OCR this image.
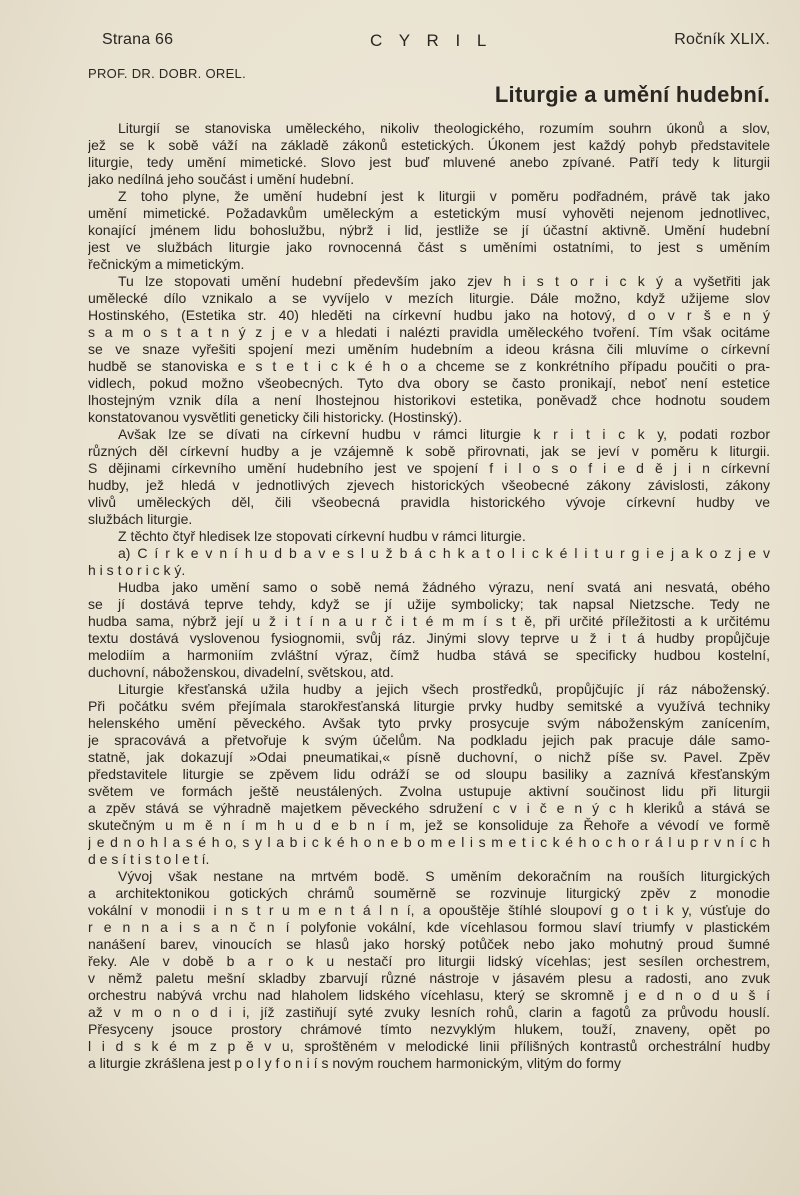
Strana 66	C Y R I L	Ročník XLIX.
PROF. DR. DOBR. OREL.
Liturgie a umění hudební.
Liturgií se stanoviska uměleckého, nikoliv theologického, rozumím souhrn úkonů a slov,
jež se k sobě váží na základě zákonů estetických. Úkonem jest každý pohyb představitele
liturgie, tedy umění mimetické. Slovo jest buď mluvené anebo zpívané. Patří tedy k liturgii
jako nedílná jeho součást i umění hudební.
Z toho plyne, že umění hudební jest k liturgii v poměru podřadném, právě tak jako
umění mimetické. Požadavkům uměleckým a estetickým musí vyhověti nejenom jednotlivec,
konající jménem lidu bohoslužbu, nýbrž i lid, jestliže se jí účastní aktivně. Umění hudební
jest ve službách liturgie jako rovnocenná část s uměními ostatními, to jest s uměním
řečnickým a mimetickým.
Tu lze stopovati umění hudební především jako zjev h i s t o r i c k ý a vyšetřiti jak
umělecké dílo vznikalo a se vyvíjelo v mezích liturgie. Dále možno, když užijeme slov
Hostinského, (Estetika str. 40) hleděti na církevní hudbu jako na hotový, d o v r š e n ý
s a m o s t a t n ý z j e v a hledati i nalézti pravidla uměleckého tvoření. Tím však ocitáme
se ve snaze vyřešiti spojení mezi uměním hudebním a ideou krásna čili mluvíme o církevní
hudbě se stanoviska e s t e t i c k é h o a chceme se z konkrétního případu poučiti o pra-
vidlech, pokud možno všeobecných. Tyto dva obory se často pronikají, neboť není estetice
lhostejným vznik díla a není lhostejnou historikovi estetika, poněvadž chce hodnotu soudem
konstatovanou vysvětliti geneticky čili historicky. (Hostinský).
Avšak lze se dívati na církevní hudbu v rámci liturgie k r i t i c k y, podati rozbor
různých děl církevní hudby a je vzájemně k sobě přirovnati, jak se jeví v poměru k liturgii.
S dějinami církevního umění hudebního jest ve spojení f i l o s o f i e d ě j i n církevní
hudby, jež hledá v jednotlivých zjevech historických všeobecné zákony závislosti, zákony
vlivů uměleckých děl, čili všeobecná pravidla historického vývoje církevní hudby ve
službách liturgie.
Z těchto čtyř hledisek lze stopovati církevní hudbu v rámci liturgie.
a) C í r k e v n í h u d b a v e s l u ž b á c h k a t o l i c k é l i t u r g i e j a k o z j e v
h i s t o r i c k ý.
Hudba jako umění samo o sobě nemá žádného výrazu, není svatá ani nesvatá, obého
se jí dostává teprve tehdy, když se jí užije symbolicky; tak napsal Nietzsche. Tedy ne
hudba sama, nýbrž její u ž i t í n a u r č i t é m m í s t ě, při určité příležitosti a k určitému
textu dostává vyslovenou fysiognomii, svůj ráz. Jinými slovy teprve u ž i t á hudby propůjčuje
melodiím a harmoniím zvláštní výraz, čímž hudba stává se specificky hudbou kostelní,
duchovní, náboženskou, divadelní, světskou, atd.
Liturgie křesťanská užila hudby a jejich všech prostředků, propůjčujíc jí ráz náboženský.
Při počátku svém přejímala starokřesťanská liturgie prvky hudby semitské a využívá techniky
helenského umění pěveckého. Avšak tyto prvky prosycuje svým náboženským zanícením,
je spracovává a přetvořuje k svým účelům. Na podkladu jejich pak pracuje dále samo-
statně, jak dokazují »Odai pneumatikai,« písně duchovní, o nichž píše sv. Pavel. Zpěv
představitele liturgie se zpěvem lidu odráží se od sloupu basiliky a zaznívá křesťanským
světem ve formách ještě neustálených. Zvolna ustupuje aktivní součinost lidu při liturgii
a zpěv stává se výhradně majetkem pěveckého sdružení c v i č e n ý c h kleriků a stává se
skutečným u m ě n í m h u d e b n í m, jež se konsoliduje za Řehoře a vévodí ve formě
j e d n o h l a s é h o, s y l a b i c k é h o n e b o m e l i s m e t i c k é h o c h o r á l u p r v n í c h
d e s í t i s t o l e t í.
Vývoj však nestane na mrtvém bodě. S uměním dekoračním na rouších liturgických
a architektonikou gotických chrámů souměrně se rozvinuje liturgický zpěv z monodie
vokální v monodii i n s t r u m e n t á l n í, a opouštěje štíhlé sloupoví g o t i k y, vúsťuje do
r e n n a i s a n č n í polyfonie vokální, kde vícehlasou formou slaví triumfy v plastickém
nanášení barev, vinoucích se hlasů jako horský potůček nebo jako mohutný proud šumné
řeky. Ale v době b a r o k u nestačí pro liturgii lidský vícehlas; jest sesílen orchestrem,
v němž paletu mešní skladby zbarvují různé nástroje v jásavém plesu a radosti, ano zvuk
orchestru nabývá vrchu nad hlaholem lidského vícehlasu, který se skromně j e d n o d u š í
až v m o n o d i i, jíž zastiňují syté zvuky lesních rohů, clarin a fagotů za průvodu houslí.
Přesyceny jsouce prostory chrámové tímto nezvyklým hlukem, touží, znaveny, opět po
l i d s k é m z p ě v u, sproštěném v melodické linii přílišných kontrastů orchestrální hudby
a liturgie zkrášlena jest p o l y f o n i í s novým rouchem harmonickým, vlitým do formy
